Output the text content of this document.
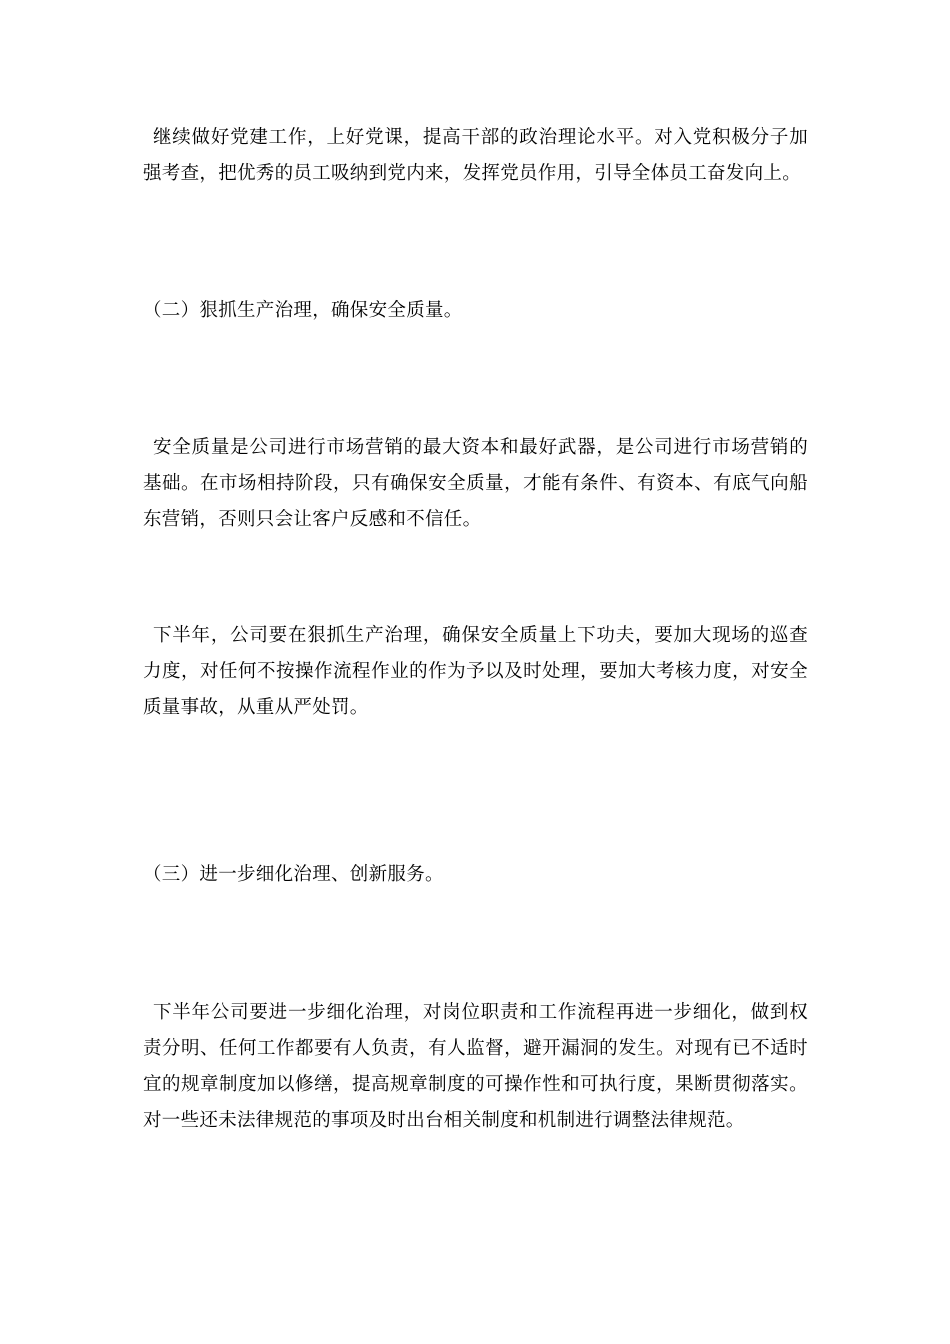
继续做好党建工作，上好党课，提高干部的政治理论水平。对入党积极分子加强考查，把优秀的员工吸纳到党内来，发挥党员作用，引导全体员工奋发向上。

（二）狠抓生产治理，确保安全质量。

安全质量是公司进行市场营销的最大资本和最好武器，是公司进行市场营销的基础。在市场相持阶段，只有确保安全质量，才能有条件、有资本、有底气向船东营销，否则只会让客户反感和不信任。

下半年，公司要在狠抓生产治理，确保安全质量上下功夫，要加大现场的巡查力度，对任何不按操作流程作业的作为予以及时处理，要加大考核力度，对安全质量事故，从重从严处罚。

（三）进一步细化治理、创新服务。

下半年公司要进一步细化治理，对岗位职责和工作流程再进一步细化，做到权责分明、任何工作都要有人负责，有人监督，避开漏洞的发生。对现有已不适时宜的规章制度加以修缮，提高规章制度的可操作性和可执行度，果断贯彻落实。对一些还未法律规范的事项及时出台相关制度和机制进行调整法律规范。
